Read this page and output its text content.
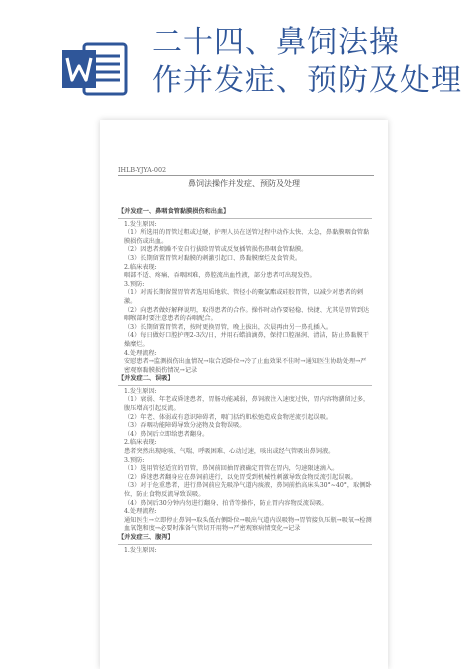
二十四、鼻饲法操
作并发症、预防及处理
IHLB-YJYA-002
鼻饲法操作并发症、预防及处理

【并发症一、鼻咽食管黏膜损伤和出血】

1.发生原因:

（1）所选用的胃管过粗或过硬，护理人员在送管过程中动作太快、太急，鼻黏膜咽食管黏膜损伤或出血。

（2）因患者烦躁不安自行拔除胃管或反复插管损伤鼻咽食管黏膜。

（3）长期留置胃管对黏膜的刺激引起口、鼻黏膜糜烂及食管炎。

2.临床表现:

咽部不适、疼痛、吞咽困难，鼻腔流出血性液，部分患者可出现发热。

3.预防:

（1）对需长期留置胃管者选用质地软、管径小的聚氯酯或硅胶胃管，以减少对患者的刺激。

（2）向患者做好解释说明，取得患者的合作。操作时动作要轻稳、快捷、尤其是胃管到达咽喉部时要注意患者的吞咽配合。

（3）长期留置胃管者，按时更换胃管，晚上拔出，次晨再由另一鼻孔插入。

（4）每日做好口腔护理2-3次/日，并用石蜡油滴鼻，保持口腔湿润、清洁，防止鼻黏膜干燥糜烂。

4.处理流程:

安慰患者→监测损伤出血情况→取合适卧位→冷了止血效果不佳时→通知医生协助处理→严密观察黏膜损伤情况→记录

【并发症二、误吸】

1.发生原因:

（1）衰弱、年老或昏迷患者，胃肠功能减弱，鼻饲液注入速度过快，胃内容物潴留过多，腹压增高引起反流。

（2）年老、体弱或有意识障碍者，咽门括约肌松弛造成食物逆流引起误吸。

（3）吞咽功能障碍导致分泌物及食物误吸。

（4）鼻饲后立即给患者翻身。

2.临床表现:

患者突然出现呛咳、气喘、呼吸困难、心动过速，咳出或经气管吸出鼻饲液。

3.预防:

（1）选用管径适宜的胃管，鼻饲前回抽胃液确定胃管在胃内，匀速限速滴入。

（2）昏迷患者翻身应在鼻饲前进行，以免胃受到机械性刺激导致食物反流引起误吸。

（3）对于危重患者，进行鼻饲前应先吸净气道内痰液，鼻饲前抬高床头30°~40°，取侧卧位，防止食物反流导致误吸。

（4）鼻饲后30分钟内勿进行翻身、拍背等操作，防止胃内容物反流误吸。

4.处理流程:

通知医生→立即停止鼻饲→取头低右侧卧位→吸出气道内误吸物→胃管接负压瓶→吸氧→检测血氧饱和度→必要时准备气管切开用物→严密观察病情变化→记录

【并发症三、腹泻】

1.发生原因:
